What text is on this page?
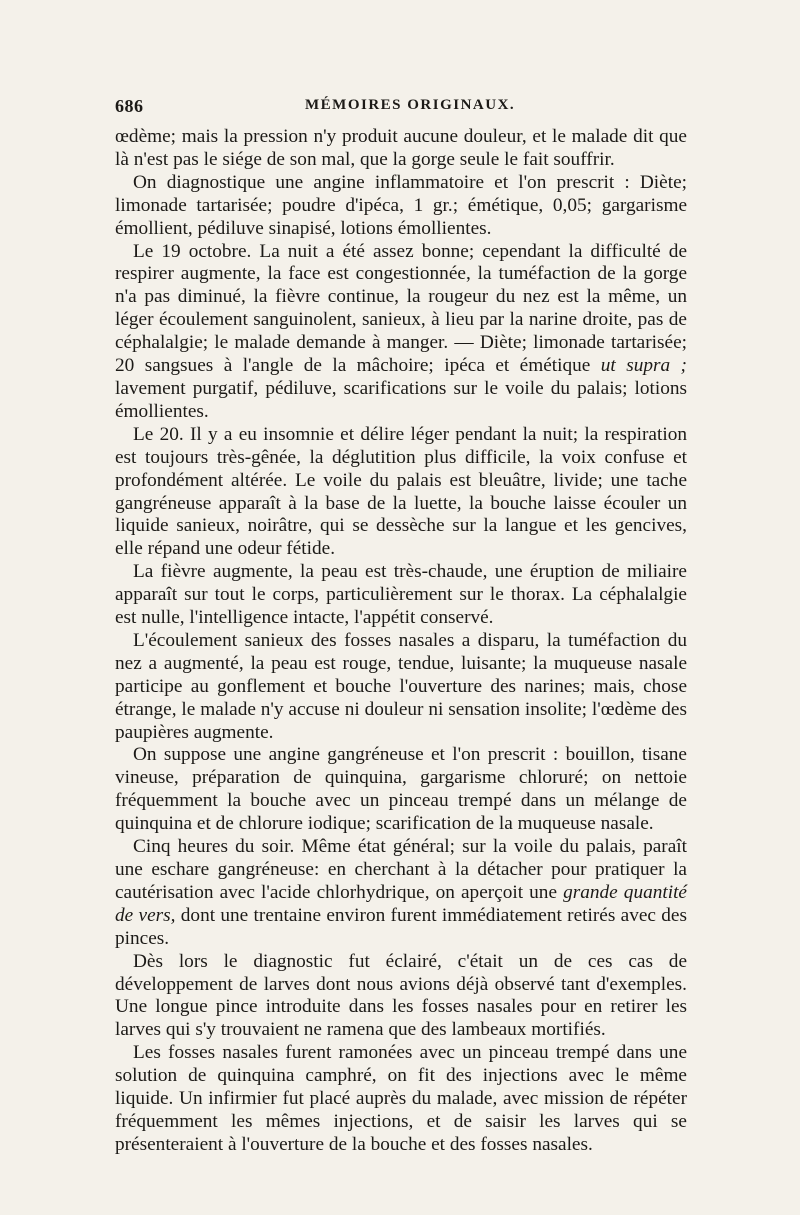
686	MÉMOIRES ORIGINAUX.

œdème; mais la pression n'y produit aucune douleur, et le malade dit que là n'est pas le siége de son mal, que la gorge seule le fait souffrir.

On diagnostique une angine inflammatoire et l'on prescrit : Diète; limonade tartarisée; poudre d'ipéca, 1 gr.; émétique, 0,05; gargarisme émollient, pédiluve sinapisé, lotions émollientes.

Le 19 octobre. La nuit a été assez bonne; cependant la difficulté de respirer augmente, la face est congestionnée, la tuméfaction de la gorge n'a pas diminué, la fièvre continue, la rougeur du nez est la même, un léger écoulement sanguinolent, sanieux, à lieu par la narine droite, pas de céphalalgie; le malade demande à manger. — Diète; limonade tartarisée; 20 sangsues à l'angle de la mâchoire; ipéca et émétique ut supra ; lavement purgatif, pédiluve, scarifications sur le voile du palais; lotions émollientes.

Le 20. Il y a eu insomnie et délire léger pendant la nuit; la respiration est toujours très-gênée, la déglutition plus difficile, la voix confuse et profondément altérée. Le voile du palais est bleuâtre, livide; une tache gangréneuse apparaît à la base de la luette, la bouche laisse écouler un liquide sanieux, noirâtre, qui se dessèche sur la langue et les gencives, elle répand une odeur fétide.

La fièvre augmente, la peau est très-chaude, une éruption de miliaire apparaît sur tout le corps, particulièrement sur le thorax. La céphalalgie est nulle, l'intelligence intacte, l'appétit conservé.

L'écoulement sanieux des fosses nasales a disparu, la tuméfaction du nez a augmenté, la peau est rouge, tendue, luisante; la muqueuse nasale participe au gonflement et bouche l'ouverture des narines; mais, chose étrange, le malade n'y accuse ni douleur ni sensation insolite; l'œdème des paupières augmente.

On suppose une angine gangréneuse et l'on prescrit : bouillon, tisane vineuse, préparation de quinquina, gargarisme chloruré; on nettoie fréquemment la bouche avec un pinceau trempé dans un mélange de quinquina et de chlorure iodique; scarification de la muqueuse nasale.

Cinq heures du soir. Même état général; sur la voile du palais, paraît une eschare gangréneuse: en cherchant à la détacher pour pratiquer la cautérisation avec l'acide chlorhydrique, on aperçoit une grande quantité de vers, dont une trentaine environ furent immédiatement retirés avec des pinces.

Dès lors le diagnostic fut éclairé, c'était un de ces cas de développement de larves dont nous avions déjà observé tant d'exemples. Une longue pince introduite dans les fosses nasales pour en retirer les larves qui s'y trouvaient ne ramena que des lambeaux mortifiés.

Les fosses nasales furent ramonées avec un pinceau trempé dans une solution de quinquina camphré, on fit des injections avec le même liquide. Un infirmier fut placé auprès du malade, avec mission de répéter fréquemment les mêmes injections, et de saisir les larves qui se présenteraient à l'ouverture de la bouche et des fosses nasales.
